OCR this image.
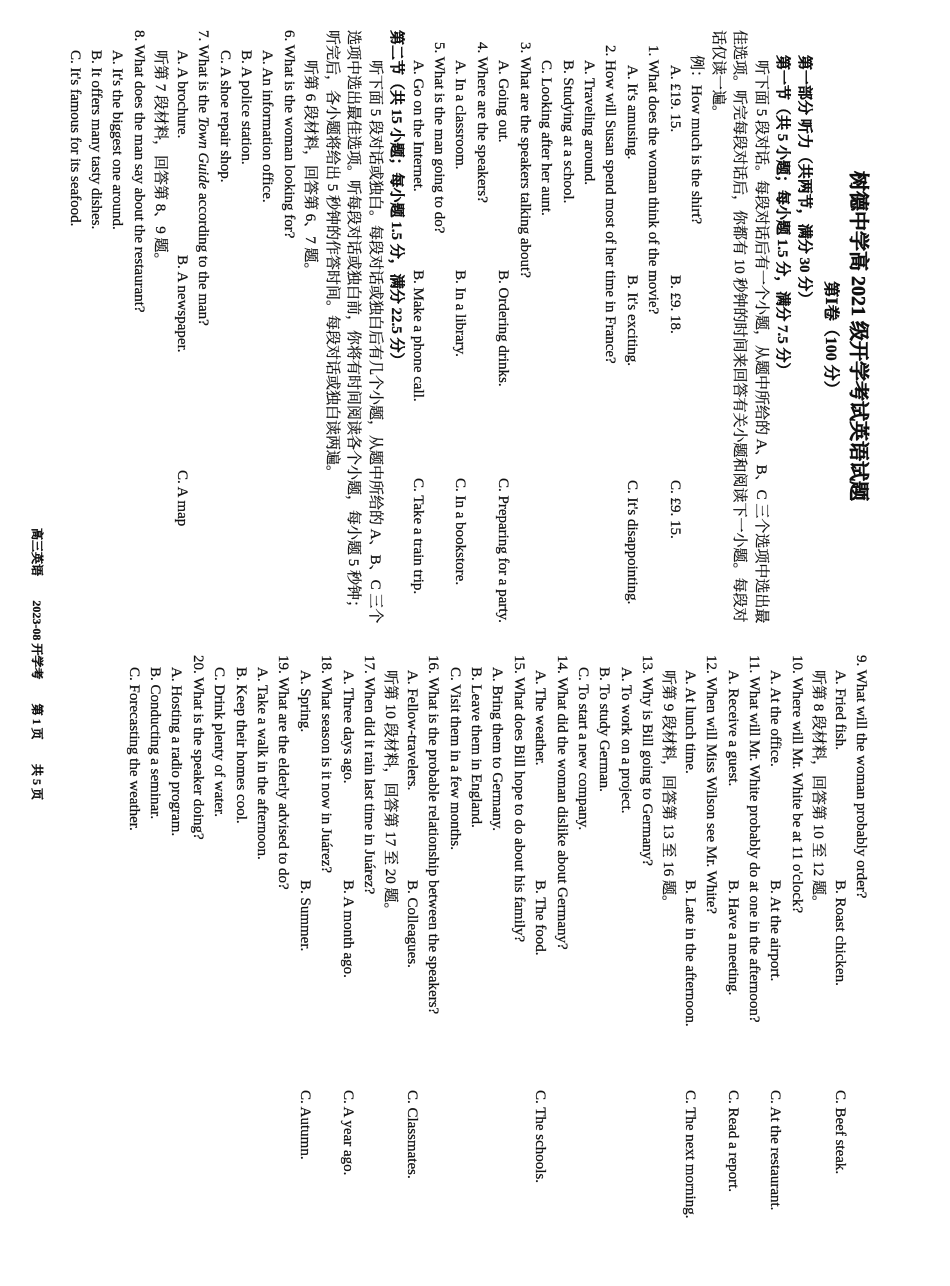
树德中学高 2021 级开学考试英语试题
第Ⅰ卷（100 分）
第一部分 听力（共两节，满分 30 分）
第一节（共 5 小题；每小题 1.5 分，满分 7.5 分）
听下面 5 段对话。每段对话后有一个小题，从题中所给的 A、B、C 三个选项中选出最
佳选项。听完每段对话后，你都有 10 秒钟的时间来回答有关小题和阅读下一小题。每段对
话仅读一遍。
例：How much is the shirt?
A. £19. 15.
B. £9. 18.
C. £9. 15.
1. What does the woman think of the movie?
A. It's amusing.
B. It's exciting.
C. It's disappointing.
2. How will Susan spend most of her time in France?
A. Traveling around.
B. Studying at a school.
C. Looking after her aunt.
3. What are the speakers talking about?
A. Going out.
B. Ordering drinks.
C. Preparing for a party.
4. Where are the speakers?
A. In a classroom.
B. In a library.
C. In a bookstore.
5. What is the man going to do?
A. Go on the Internet.
B. Make a phone call.
C. Take a train trip.
第二节（共 15 小题；每小题 1.5 分，满分 22.5 分）
听下面 5 段对话或独白。每段对话或独白后有几个小题，从题中所给的 A、B、C 三个
选项中选出最佳选项。听每段对话或独白前，你将有时间阅读各个小题，每小题 5 秒钟；
听完后，各小题将给出 5 秒钟的作答时间。每段对话或独白读两遍。
听第 6 段材料，回答第 6、7 题。
6. What is the woman looking for?
A. An information office.
B. A police station.
C. A shoe repair shop.
7. What is the Town Guide according to the man?
A. A brochure.
B. A newspaper.
C. A map
听第 7 段材料，回答第 8、9 题。
8. What does the man say about the restaurant?
A. It's the biggest one around.
B. It offers many tasty dishes.
C. It's famous for its seafood.
9. What will the woman probably order?
A. Fried fish.
B. Roast chicken.
C. Beef steak.
听第 8 段材料，回答第 10 至 12 题。
10. Where will Mr. White be at 11 o'clock?
A. At the office.
B. At the airport.
C. At the restaurant.
11. What will Mr. White probably do at one in the afternoon?
A. Receive a guest.
B. Have a meeting.
C. Read a report.
12. When will Miss Wilson see Mr. White?
A. At lunch time.
B. Late in the afternoon.
C. The next morning.
听第 9 段材料，回答第 13 至 16 题。
13. Why is Bill going to Germany?
A. To work on a project.
B. To study German.
C. To start a new company.
14. What did the woman dislike about Germany?
A. The weather.
B. The food.
C. The schools.
15. What does Bill hope to do about his family?
A. Bring them to Germany.
B. Leave them in England.
C. Visit them in a few months.
16. What is the probable relationship between the speakers?
A. Fellow-travelers.
B. Colleagues.
C. Classmates.
听第 10 段材料，回答第 17 至 20 题。
17. When did it rain last time in Juárez?
A. Three days ago.
B. A month ago.
C. A year ago.
18. What season is it now in Juárez?
A. Spring.
B. Summer.
C. Autumn.
19. What are the elderly advised to do?
A. Take a walk in the afternoon.
B. Keep their homes cool.
C. Drink plenty of water.
20. What is the speaker doing?
A. Hosting a radio program.
B. Conducting a seminar.
C. Forecasting the weather.
高三英语
2023-08 开学考
第 1 页
共 5 页
